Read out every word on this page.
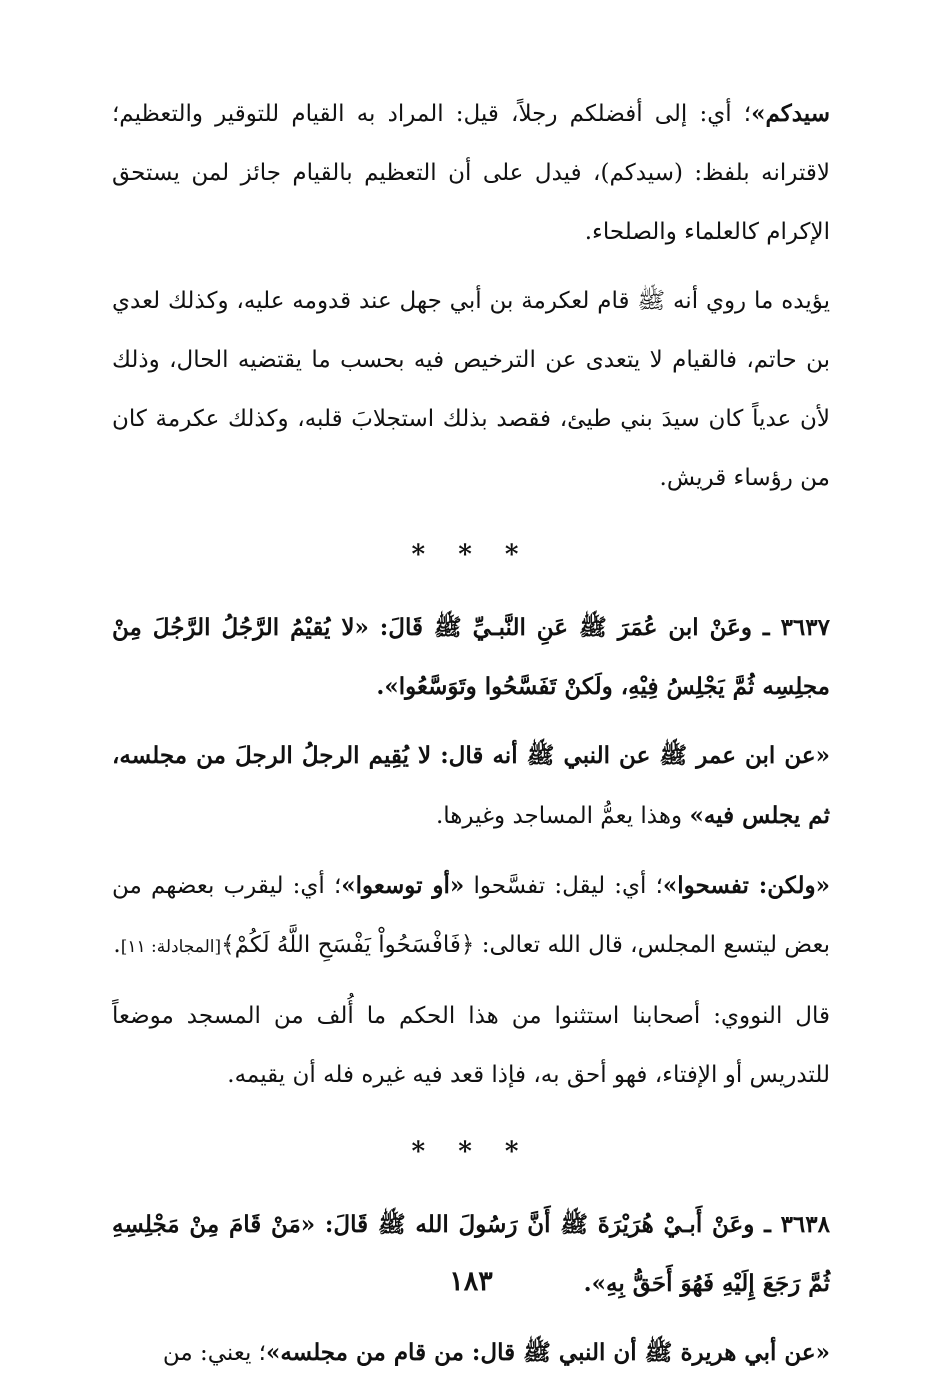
سيدكم»؛ أي: إلى أفضلكم رجلاً، قيل: المراد به القيام للتوقير والتعظيم؛ لاقترانه بلفظ: (سيدكم)، فيدل على أن التعظيم بالقيام جائز لمن يستحق الإكرام كالعلماء والصلحاء.

يؤيده ما روي أنه ﷺ قام لعكرمة بن أبي جهل عند قدومه عليه، وكذلك لعدي بن حاتم، فالقيام لا يتعدى عن الترخيص فيه بحسب ما يقتضيه الحال، وذلك لأن عدياً كان سيدَ بني طيئ، فقصد بذلك استجلابَ قلبه، وكذلك عكرمة كان من رؤساء قريش.

* * *

٣٦٣٧ ـ وعَنْ ابن عُمَرَ ﷺ عَنِ النَّبـيِّ ﷺ قَالَ: «لا يُقيْمُ الرَّجُلُ الرَّجُلَ مِنْ مجلِسِه ثُمَّ يَجْلِسُ فِيْهِ، ولَكنْ تَفَسَّحُوا وتَوَسَّعُوا».

«عن ابن عمر ﷺ عن النبي ﷺ أنه قال: لا يُقِيم الرجلُ الرجلَ من مجلسه، ثم يجلس فيه» وهذا يعمُّ المساجد وغيرها.

«ولكن: تفسحوا»؛ أي: ليقل: تفسَّحوا «أو توسعوا»؛ أي: ليقرب بعضهم من بعض ليتسع المجلس، قال الله تعالى: ﴿فَافْسَحُواْ يَفْسَحِ اللَّهُ لَكُمْ﴾[المجادلة: ١١].

قال النووي: أصحابنا استثنوا من هذا الحكم ما أُلف من المسجد موضعاً للتدريس أو الإفتاء، فهو أحق به، فإذا قعد فيه غيره فله أن يقيمه.

* * *

٣٦٣٨ ـ وعَنْ أَبـيْ هُرَيْرَةَ ﷺ أَنَّ رَسُولَ الله ﷺ قَالَ: «مَنْ قَامَ مِنْ مَجْلِسِهِ ثُمَّ رَجَعَ إِلَيْهِ فَهُوَ أَحَقُّ بِهِ».

«عن أبي هريرة ﷺ أن النبي ﷺ قال: من قام من مجلسه»؛ يعني: من

١٨٣
